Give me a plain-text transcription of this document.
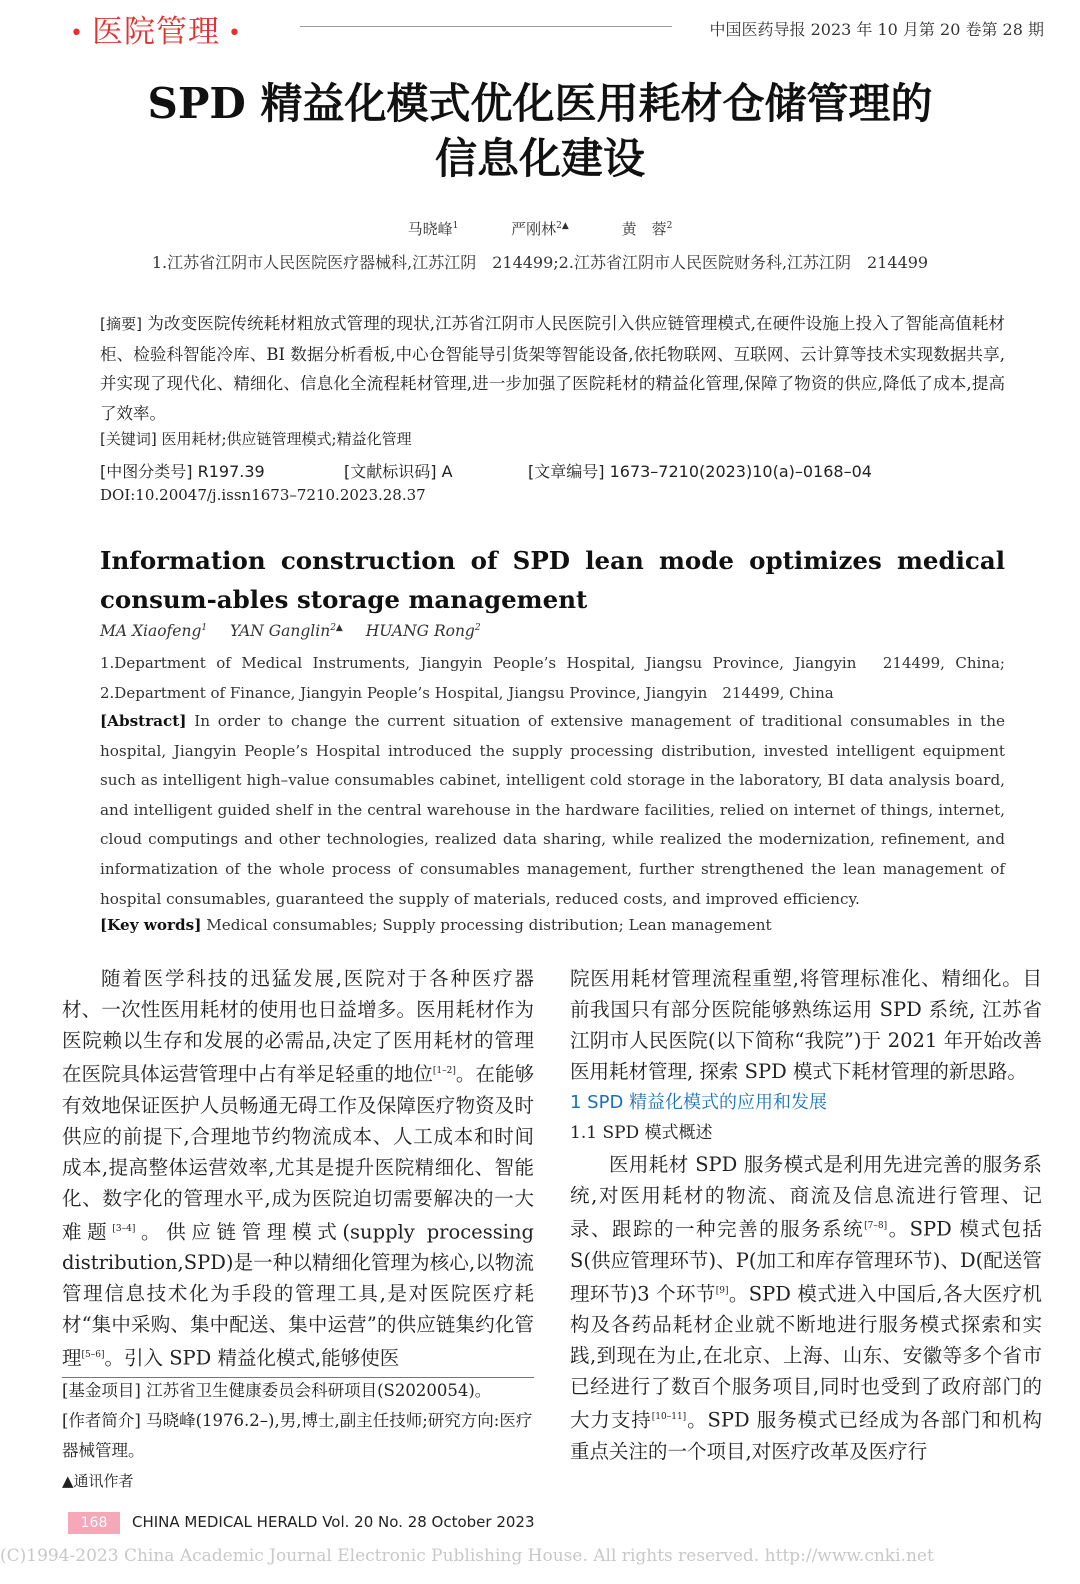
• 医院管理 •	中国医药导报 2023 年 10 月第 20 卷第 28 期
SPD 精益化模式优化医用耗材仓储管理的
信息化建设
马晓峰$^1$	严刚林$^{2▲}$	黄　蓉$^2$
1.江苏省江阴市人民医院医疗器械科,江苏江阴　214499;2.江苏省江阴市人民医院财务科,江苏江阴　214499
[摘要] 为改变医院传统耗材粗放式管理的现状,江苏省江阴市人民医院引入供应链管理模式,在硬件设施上投入了智能高值耗材柜、检验科智能冷库、BI 数据分析看板,中心仓智能导引货架等智能设备,依托物联网、互联网、云计算等技术实现数据共享,并实现了现代化、精细化、信息化全流程耗材管理,进一步加强了医院耗材的精益化管理,保障了物资的供应,降低了成本,提高了效率。
[关键词] 医用耗材;供应链管理模式;精益化管理
[中图分类号] R197.39	[文献标识码] A	[文章编号] 1673–7210(2023)10(a)–0168–04
DOI:10.20047/j.issn1673–7210.2023.28.37
Information construction of SPD lean mode optimizes medical consum-ables storage management
MA Xiaofeng$^1$ YAN Ganglin$^{2▲}$ HUANG Rong$^2$
1.Department of Medical Instruments, Jiangyin People’s Hospital, Jiangsu Province, Jiangyin　214499, China; 2.Department of Finance, Jiangyin People’s Hospital, Jiangsu Province, Jiangyin　214499, China
[Abstract] In order to change the current situation of extensive management of traditional consumables in the hospital, Jiangyin People’s Hospital introduced the supply processing distribution, invested intelligent equipment such as intelligent high–value consumables cabinet, intelligent cold storage in the laboratory, BI data analysis board, and intelligent guided shelf in the central warehouse in the hardware facilities, relied on internet of things, internet, cloud computings and other technologies, realized data sharing, while realized the modernization, refinement, and informatization of the whole process of consumables management, further strengthened the lean management of hospital consumables, guaranteed the supply of materials, reduced costs, and improved efficiency.
[Key words] Medical consumables; Supply processing distribution; Lean management

随着医学科技的迅猛发展,医院对于各种医疗器材、一次性医用耗材的使用也日益增多。医用耗材作为医院赖以生存和发展的必需品,决定了医用耗材的管理在医院具体运营管理中占有举足轻重的地位[1–2]。在能够有效地保证医护人员畅通无碍工作及保障医疗物资及时供应的前提下,合理地节约物流成本、人工成本和时间成本,提高整体运营效率,尤其是提升医院精细化、智能化、数字化的管理水平,成为医院迫切需要解决的一大难题[3–4]。供应链管理模式(supply processing distribution,SPD)是一种以精细化管理为核心,以物流管理信息技术化为手段的管理工具,是对医院医疗耗材“集中采购、集中配送、集中运营”的供应链集约化管理[5–6]。引入 SPD 精益化模式,能够使医

[基金项目] 江苏省卫生健康委员会科研项目(S2020054)。

[作者简介] 马晓峰(1976.2–),男,博士,副主任技师;研究方向:医疗器械管理。

▲通讯作者

院医用耗材管理流程重塑,将管理标准化、精细化。目前我国只有部分医院能够熟练运用 SPD 系统, 江苏省江阴市人民医院(以下简称“我院”)于 2021 年开始改善医用耗材管理, 探索 SPD 模式下耗材管理的新思路。

1 SPD 精益化模式的应用和发展

1.1 SPD 模式概述

医用耗材 SPD 服务模式是利用先进完善的服务系统,对医用耗材的物流、商流及信息流进行管理、记录、跟踪的一种完善的服务系统[7–8]。SPD 模式包括 S(供应管理环节)、P(加工和库存管理环节)、D(配送管理环节)3 个环节[9]。SPD 模式进入中国后,各大医疗机构及各药品耗材企业就不断地进行服务模式探索和实践,到现在为止,在北京、上海、山东、安徽等多个省市已经进行了数百个服务项目,同时也受到了政府部门的大力支持[10–11]。SPD 服务模式已经成为各部门和机构重点关注的一个项目,对医疗改革及医疗行

168	CHINA MEDICAL HERALD Vol. 20 No. 28 October 2023
(C)1994-2023 China Academic Journal Electronic Publishing House. All rights reserved. http://www.cnki.net
